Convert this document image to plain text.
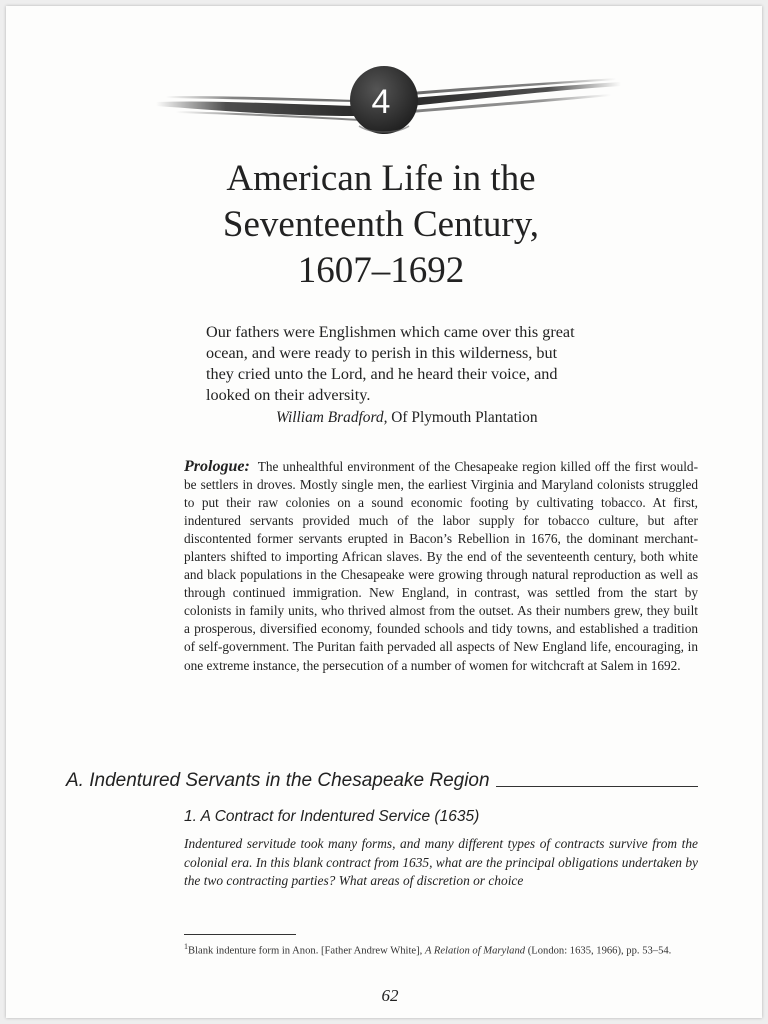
4
American Life in the
Seventeenth Century,
1607–1692

Our fathers were Englishmen which came over this great ocean, and were ready to perish in this wilderness, but they cried unto the Lord, and he heard their voice, and looked on their adversity.

William Bradford, Of Plymouth Plantation

Prologue: The unhealthful environment of the Chesapeake region killed off the first would-be settlers in droves. Mostly single men, the earliest Virginia and Maryland colonists struggled to put their raw colonies on a sound economic footing by cultivating tobacco. At first, indentured servants provided much of the labor supply for tobacco culture, but after discontented former servants erupted in Bacon’s Rebellion in 1676, the dominant merchant-planters shifted to importing African slaves. By the end of the seventeenth century, both white and black populations in the Chesapeake were growing through natural reproduction as well as through continued immigration. New England, in contrast, was settled from the start by colonists in family units, who thrived almost from the outset. As their numbers grew, they built a prosperous, diversified economy, founded schools and tidy towns, and established a tradition of self-government. The Puritan faith pervaded all aspects of New England life, encouraging, in one extreme instance, the persecution of a number of women for witchcraft at Salem in 1692.

A. Indentured Servants in the Chesapeake Region
1. A Contract for Indentured Service (1635)

Indentured servitude took many forms, and many different types of contracts survive from the colonial era. In this blank contract from 1635, what are the principal obligations undertaken by the two contracting parties? What areas of discretion or choice

$^1$Blank indenture form in Anon. [Father Andrew White], A Relation of Maryland (London: 1635, 1966), pp. 53–54.

62
